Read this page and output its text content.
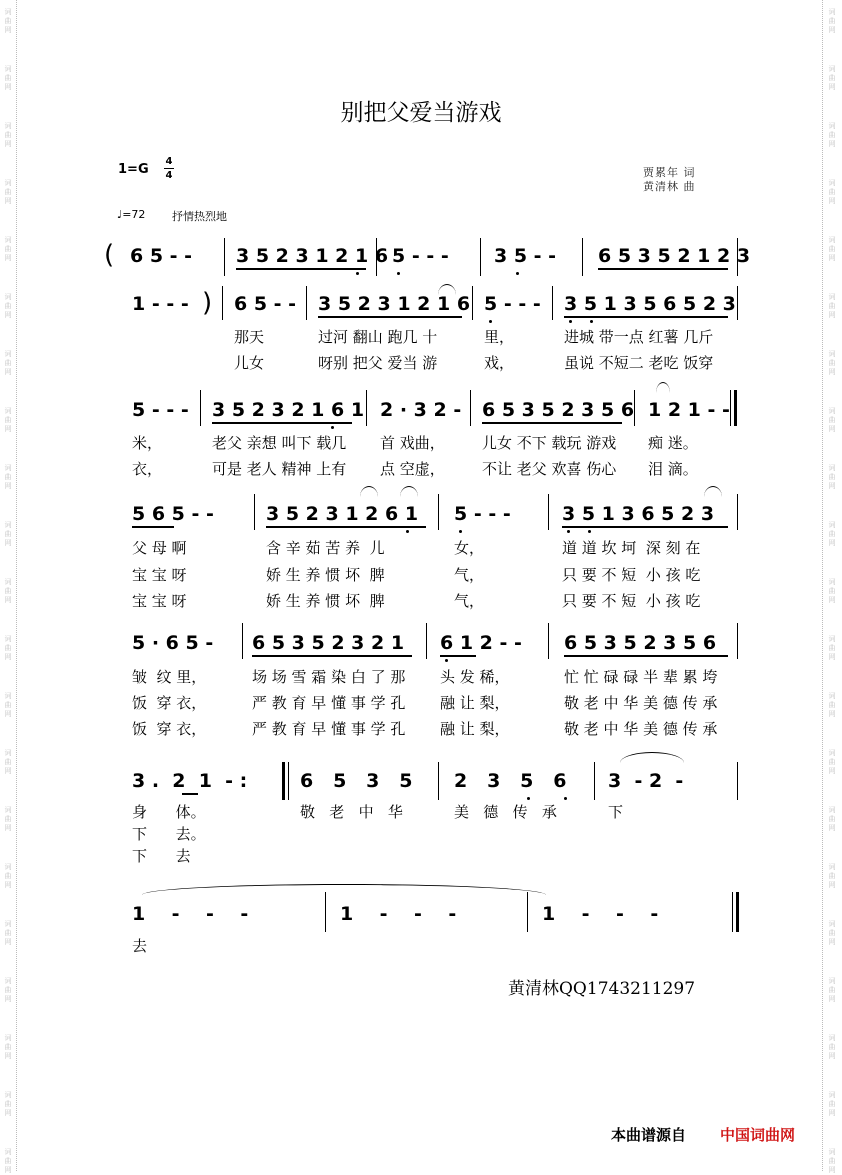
词曲网
词曲网
词曲网
词曲网
词曲网
词曲网
词曲网
词曲网
词曲网
词曲网
词曲网
词曲网
词曲网
词曲网
词曲网
词曲网
词曲网
词曲网
词曲网
词曲网
词曲网
词曲网
词曲网
词曲网
词曲网
词曲网
词曲网
词曲网
词曲网
词曲网
词曲网
词曲网
词曲网
词曲网
词曲网
词曲网
词曲网
词曲网
词曲网
词曲网
词曲网
词曲网
别把父爱当游戏
1=G
4
4	贾累年 词
黄清林 曲
♩=72 抒情热烈地
( 6 5 - - 3 5 2 3 1 2 1 6 5 - - - 3 5 - - 6 5 3 5 2 1 2 3
1 - - - ) 6 5 - - 3 5 2 3 1 2 1 6 5 - - - 3 5 1 3 5 6 5 2 3
那天	过河 翻山 跑几 十	里，	进城 带一点 红薯 几斤
儿女	呀别 把父 爱当 游	戏，	虽说 不短二 老吃 饭穿
5 - - - 3 5 2 3 2 1 6 1 2 · 3 2 - 6 5 3 5 2 3 5 6 1 2 1 - -
米，	老父 亲想 叫下 载几 首 戏曲， 儿女 不下 载玩 游戏 痴 迷。
衣，	可是 老人 精神 上有 点 空虚， 不让 老父 欢喜 伤心 泪 滴。
5 6 5 - -	3 5 2 3 1 2 6 1 5 - - -	3 5 1 3 6 5 2 3
父 母 啊	含 辛 茹 苦 养  儿	女，	道 道 坎 坷  深 刻 在
宝 宝 呀	娇 生 养 惯 坏  脾	气，	只 要 不 短  小 孩 吃
宝 宝 呀	娇 生 养 惯 坏  脾	气，	只 要 不 短  小 孩 吃
5 · 6 5 - 6 5 3 5 2 3 2 1 6 1 2 - - 6 5 3 5 2 3 5 6
皱  纹 里，	场 场 雪 霜 染 白 了 那 头 发 稀，	忙 忙 碌 碌 半 辈 累 垮
饭  穿 衣，	严 教 育 早 懂 事 学 孔 融 让 梨，	敬 老 中 华 美 德 传 承
饭  穿 衣，	严 教 育 早 懂 事 学 孔 融 让 梨，	敬 老 中 华 美 德 传 承
3 .  2  1  - :	6   5   3   5 2   3   5   6 3  - 2  -
身      体。	敬   老   中   华	美   德   传   承	下
下      去。
下      去
1    -    -    -	1    -    -    -	1    -    -    -
去
黄清林QQ1743211297
本曲谱源自 中国词曲网
